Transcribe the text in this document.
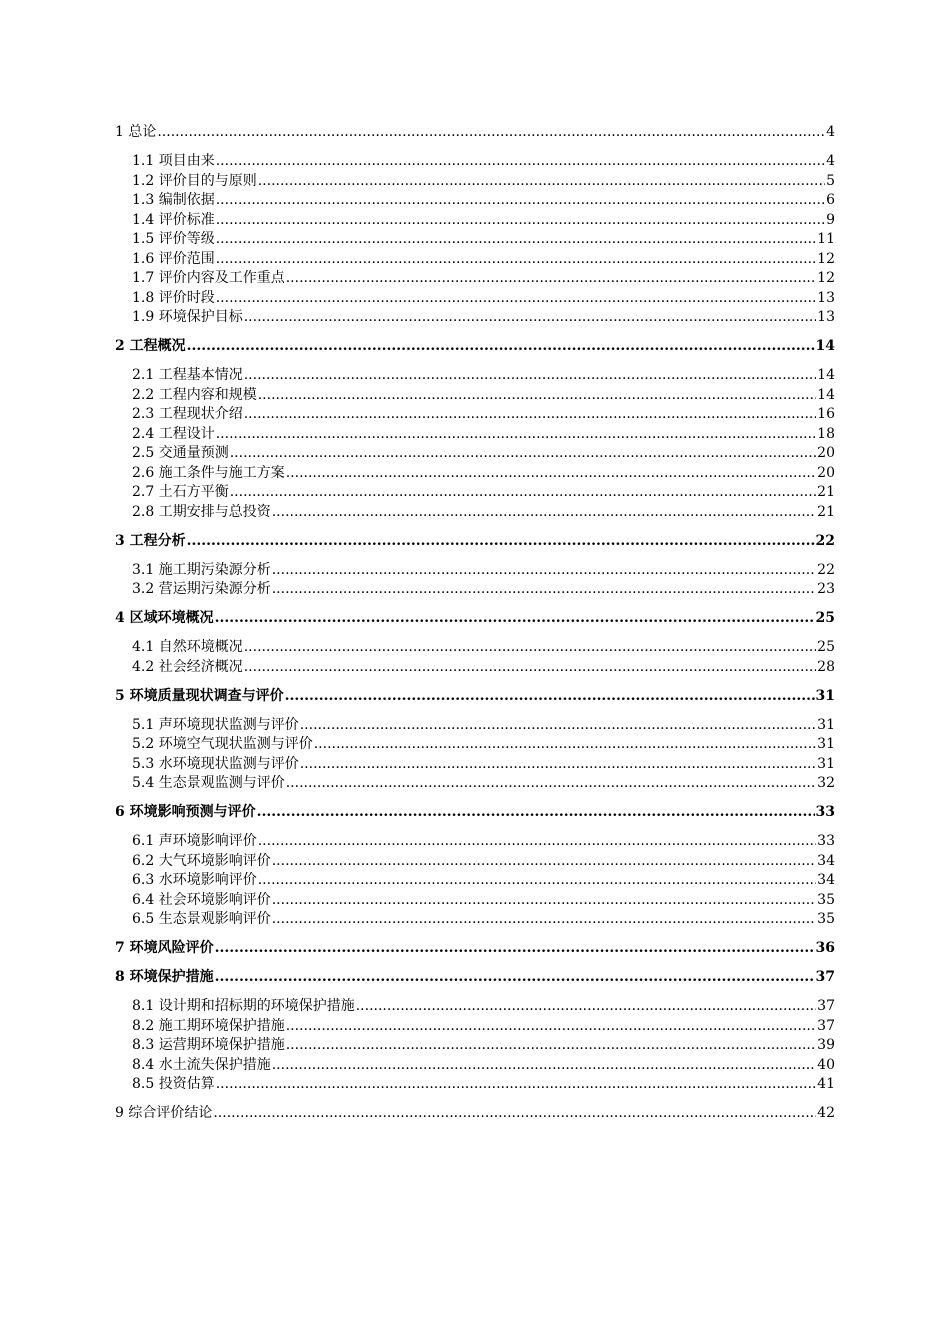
1 总论 .....	4
1.1 项目由来 .....	4
1.2 评价目的与原则 .....	5
1.3 编制依据 .....	6
1.4 评价标准 .....	9
1.5 评价等级 .....	11
1.6 评价范围 .....	12
1.7 评价内容及工作重点 .....	12
1.8 评价时段 .....	13
1.9 环境保护目标 .....	13
2 工程概况 .....	14
2.1 工程基本情况 .....	14
2.2 工程内容和规模 .....	14
2.3 工程现状介绍 .....	16
2.4 工程设计 .....	18
2.5 交通量预测 .....	20
2.6 施工条件与施工方案 .....	20
2.7 土石方平衡 .....	21
2.8 工期安排与总投资 .....	21
3 工程分析 .....	22
3.1 施工期污染源分析 .....	22
3.2 营运期污染源分析 .....	23
4 区域环境概况 .....	25
4.1 自然环境概况 .....	25
4.2 社会经济概况 .....	28
5 环境质量现状调查与评价 .....	31
5.1 声环境现状监测与评价 .....	31
5.2 环境空气现状监测与评价 .....	31
5.3 水环境现状监测与评价 .....	31
5.4 生态景观监测与评价 .....	32
6 环境影响预测与评价 .....	33
6.1 声环境影响评价 .....	33
6.2 大气环境影响评价 .....	34
6.3 水环境影响评价 .....	34
6.4 社会环境影响评价 .....	35
6.5 生态景观影响评价 .....	35
7 环境风险评价 .....	36
8 环境保护措施 .....	37
8.1 设计期和招标期的环境保护措施 .....	37
8.2 施工期环境保护措施 .....	37
8.3 运营期环境保护措施 .....	39
8.4 水土流失保护措施 .....	40
8.5 投资估算 .....	41
9 综合评价结论 .....	42
